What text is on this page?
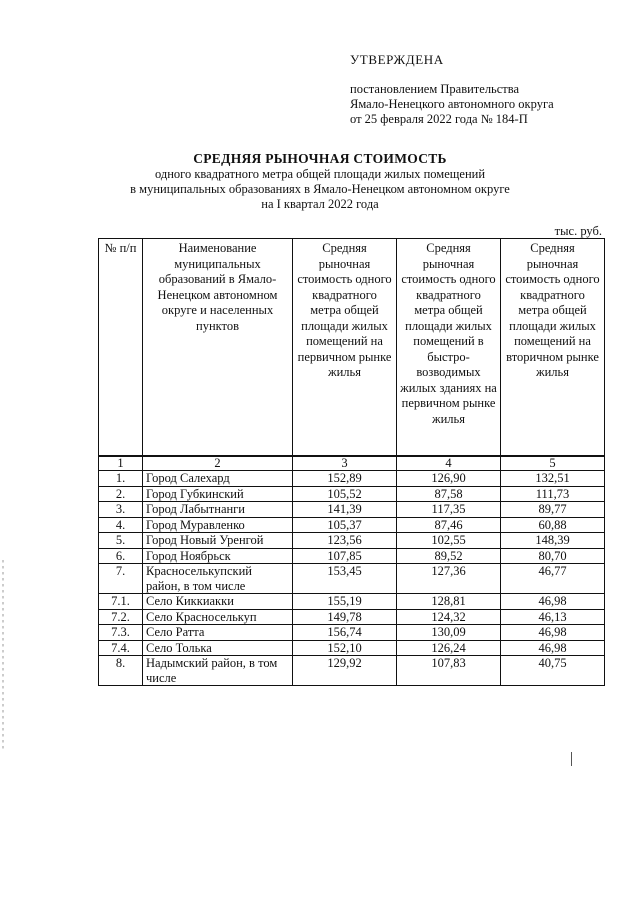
УТВЕРЖДЕНА
постановлением Правительства
Ямало-Ненецкого автономного округа
от 25 февраля 2022 года № 184-П
СРЕДНЯЯ РЫНОЧНАЯ СТОИМОСТЬ
одного квадратного метра общей площади жилых помещений
в муниципальных образованиях в Ямало-Ненецком автономном округе
на I квартал 2022 года
тыс. руб.
№ п/п	Наименование муниципальных образований в Ямало-Ненецком автономном округе и населенных пунктов	Средняя рыночная стоимость одного квадратного метра общей площади жилых помещений на первичном рынке жилья	Средняя рыночная стоимость одного квадратного метра общей площади жилых помещений в быстро-возводимых жилых зданиях на первичном рынке жилья	Средняя рыночная стоимость одного квадратного метра общей площади жилых помещений на вторичном рынке жилья
1	2	3	4	5
1.	Город Салехард	152,89	126,90	132,51
2.	Город Губкинский	105,52	87,58	111,73
3.	Город Лабытнанги	141,39	117,35	89,77
4.	Город Муравленко	105,37	87,46	60,88
5.	Город Новый Уренгой	123,56	102,55	148,39
6.	Город Ноябрьск	107,85	89,52	80,70
7.	Красноселькупский район, в том числе	153,45	127,36	46,77
7.1.	Село Киккиакки	155,19	128,81	46,98
7.2.	Село Красноселькуп	149,78	124,32	46,13
7.3.	Село Ратта	156,74	130,09	46,98
7.4.	Село Толька	152,10	126,24	46,98
8.	Надымский район, в том числе	129,92	107,83	40,75
